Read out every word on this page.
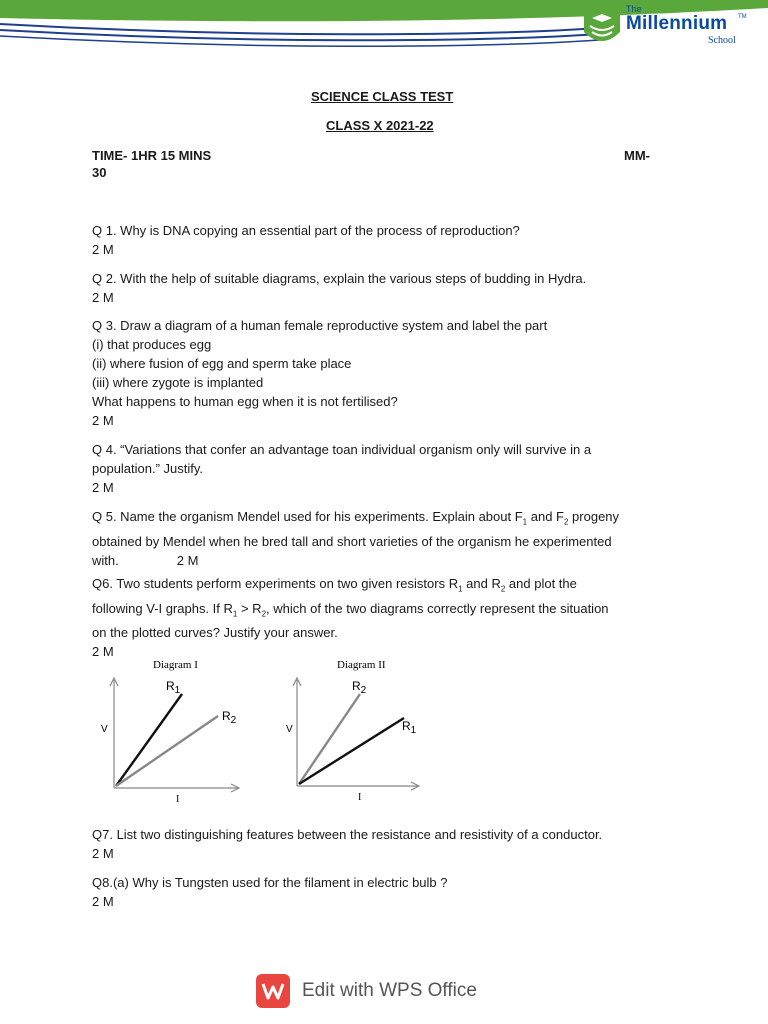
The
Millennium TM
School
SCIENCE CLASS TEST
CLASS X 2021-22
TIME- 1HR 15 MINS	MM-
30
Q 1. Why is DNA copying an essential part of the process of reproduction?
2 M
Q 2. With the help of suitable diagrams, explain the various steps of budding in Hydra.
2 M
Q 3. Draw a diagram of a human female reproductive system and label the part
(i) that produces egg
(ii) where fusion of egg and sperm take place
(iii) where zygote is implanted
What happens to human egg when it is not fertilised?
2 M
Q 4. “Variations that confer an advantage toan individual organism only will survive in a
population.” Justify.
2 M
Q 5. Name the organism Mendel used for his experiments. Explain about $F_1$ and $F_2$ progeny
obtained by Mendel when he bred tall and short varieties of the organism he experimented
with.	2 M
Q6. Two students perform experiments on two given resistors $R_1$ and $R_2$ and plot the
following V-I graphs. If $R_1 > R_2$, which of the two diagrams correctly represent the situation
on the plotted curves? Justify your answer.
2 M
Diagram I
$R_1$
$R_2$
V
I
Diagram II
$R_2$
$R_1$
V
I
Q7. List two distinguishing features between the resistance and resistivity of a conductor.
2 M
Q8.(a) Why is Tungsten used for the filament in electric bulb ?
2 M
Edit with WPS Office
